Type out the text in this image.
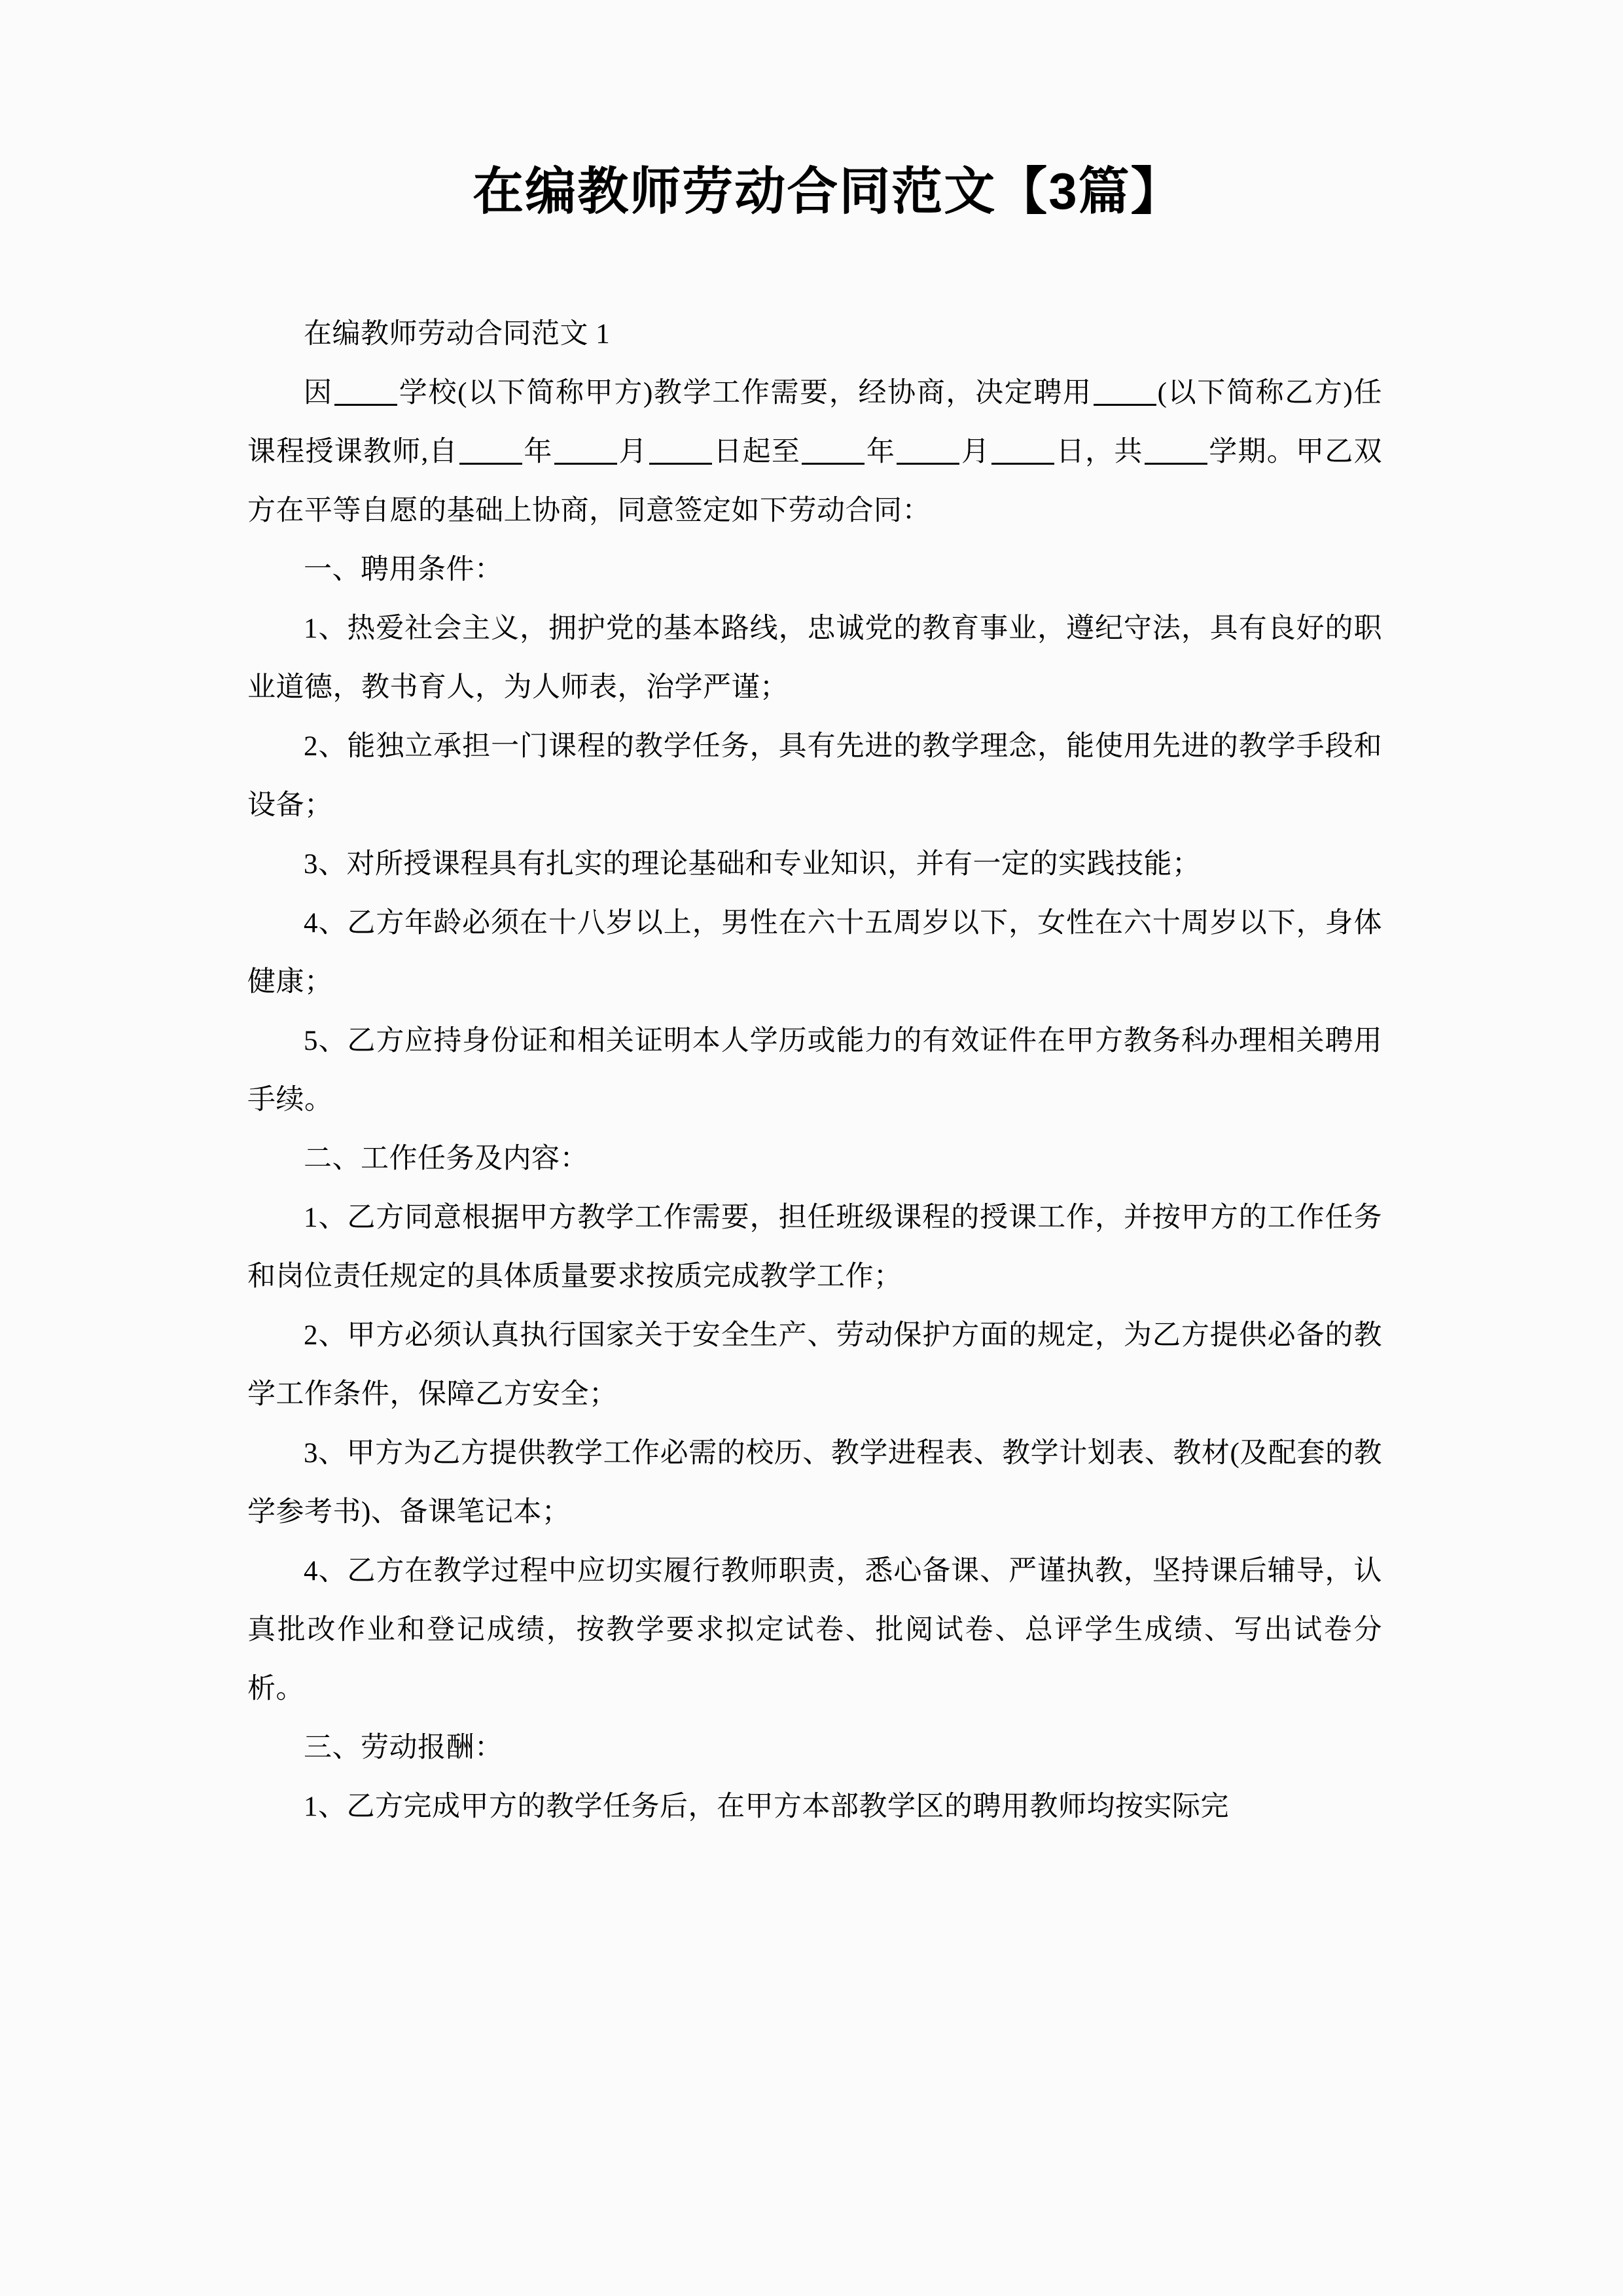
在编教师劳动合同范文【3篇】

在编教师劳动合同范文 1

因 学校(以下简称甲方)教学工作需要，经协商，决定聘用 (以下简称乙方)任课程授课教师,自 年 月 日起至 年 月 日，共 学期。甲乙双方在平等自愿的基础上协商，同意签定如下劳动合同：

一、聘用条件：

1、热爱社会主义，拥护党的基本路线，忠诚党的教育事业，遵纪守法，具有良好的职业道德，教书育人，为人师表，治学严谨；

2、能独立承担一门课程的教学任务，具有先进的教学理念，能使用先进的教学手段和设备；

3、对所授课程具有扎实的理论基础和专业知识，并有一定的实践技能；

4、乙方年龄必须在十八岁以上，男性在六十五周岁以下，女性在六十周岁以下，身体健康；

5、乙方应持身份证和相关证明本人学历或能力的有效证件在甲方教务科办理相关聘用手续。

二、工作任务及内容：

1、乙方同意根据甲方教学工作需要，担任班级课程的授课工作，并按甲方的工作任务和岗位责任规定的具体质量要求按质完成教学工作；

2、甲方必须认真执行国家关于安全生产、劳动保护方面的规定，为乙方提供必备的教学工作条件，保障乙方安全；

3、甲方为乙方提供教学工作必需的校历、教学进程表、教学计划表、教材(及配套的教学参考书)、备课笔记本；

4、乙方在教学过程中应切实履行教师职责，悉心备课、严谨执教，坚持课后辅导，认真批改作业和登记成绩，按教学要求拟定试卷、批阅试卷、总评学生成绩、写出试卷分析。

三、劳动报酬：

1、乙方完成甲方的教学任务后，在甲方本部教学区的聘用教师均按实际完
